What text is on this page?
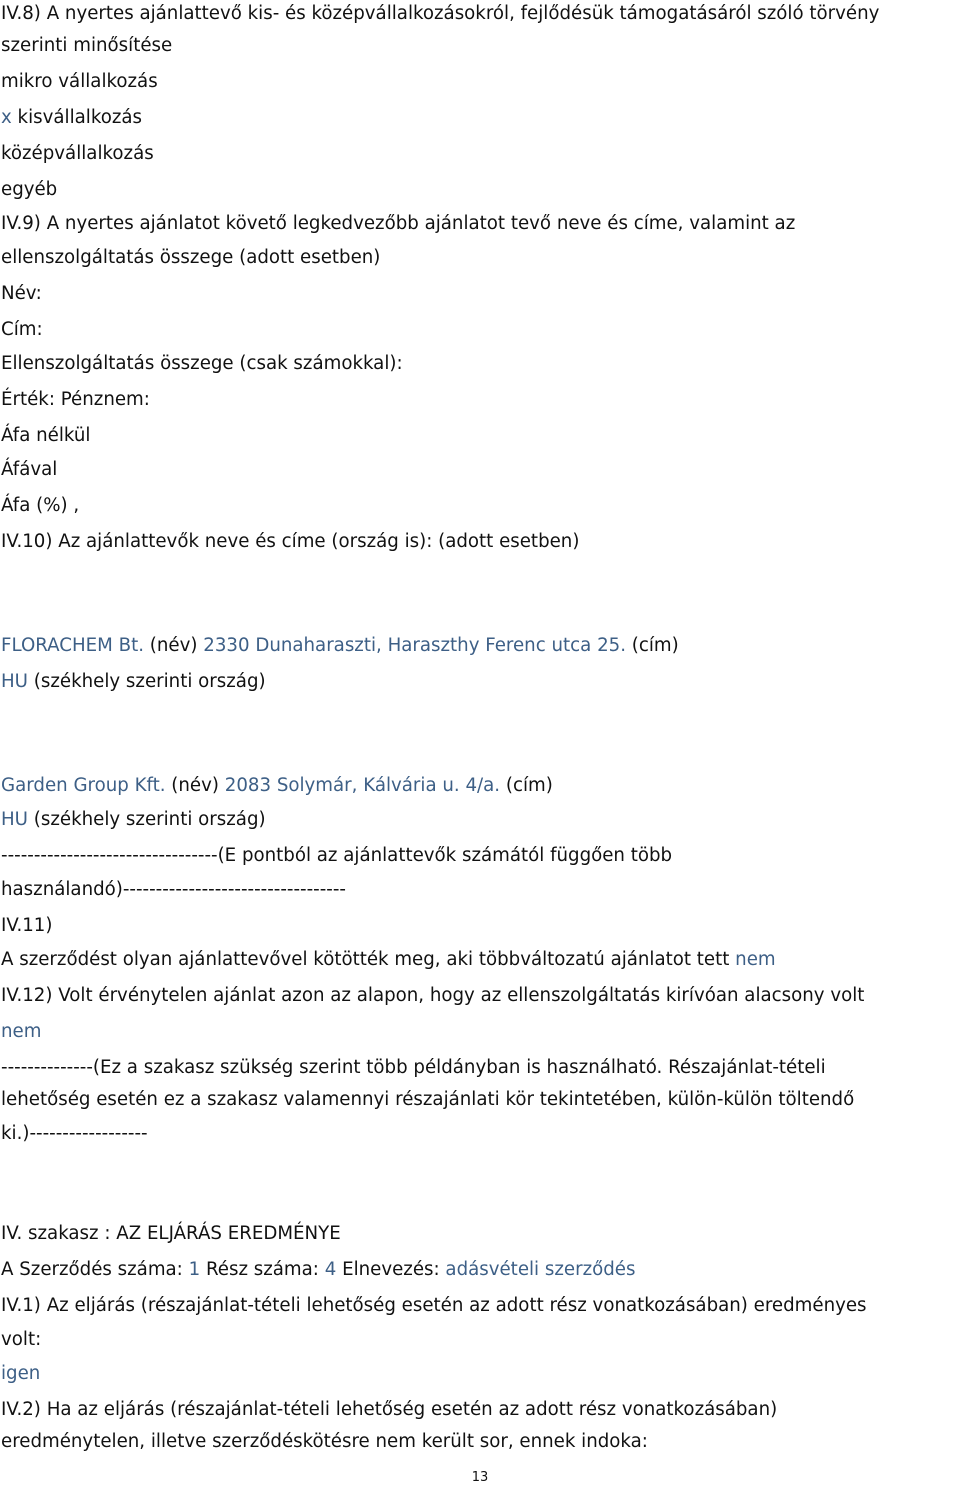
IV.8) A nyertes ajánlattevő kis- és középvállalkozásokról, fejlődésük támogatásáról szóló törvény
szerinti minősítése
mikro vállalkozás
x kisvállalkozás
középvállalkozás
egyéb
IV.9) A nyertes ajánlatot követő legkedvezőbb ajánlatot tevő neve és címe, valamint az
ellenszolgáltatás összege (adott esetben)
Név:
Cím:
Ellenszolgáltatás összege (csak számokkal):
Érték: Pénznem:
Áfa nélkül
Áfával
Áfa (%) ,
IV.10) Az ajánlattevők neve és címe (ország is): (adott esetben)
FLORACHEM Bt. (név) 2330 Dunaharaszti, Haraszthy Ferenc utca 25. (cím)
HU (székhely szerinti ország)
Garden Group Kft. (név) 2083 Solymár, Kálvária u. 4/a. (cím)
HU (székhely szerinti ország)
---------------------------------(E pontból az ajánlattevők számától függően több
használandó)----------------------------------
IV.11)
A szerződést olyan ajánlattevővel kötötték meg, aki többváltozatú ajánlatot tett nem
IV.12) Volt érvénytelen ajánlat azon az alapon, hogy az ellenszolgáltatás kirívóan alacsony volt
nem
--------------(Ez a szakasz szükség szerint több példányban is használható. Részajánlat-tételi
lehetőség esetén ez a szakasz valamennyi részajánlati kör tekintetében, külön-külön töltendő
ki.)------------------
IV. szakasz : AZ ELJÁRÁS EREDMÉNYE
A Szerződés száma: 1 Rész száma: 4 Elnevezés: adásvételi szerződés
IV.1) Az eljárás (részajánlat-tételi lehetőség esetén az adott rész vonatkozásában) eredményes
volt:
igen
IV.2) Ha az eljárás (részajánlat-tételi lehetőség esetén az adott rész vonatkozásában)
eredménytelen, illetve szerződéskötésre nem került sor, ennek indoka:
13
